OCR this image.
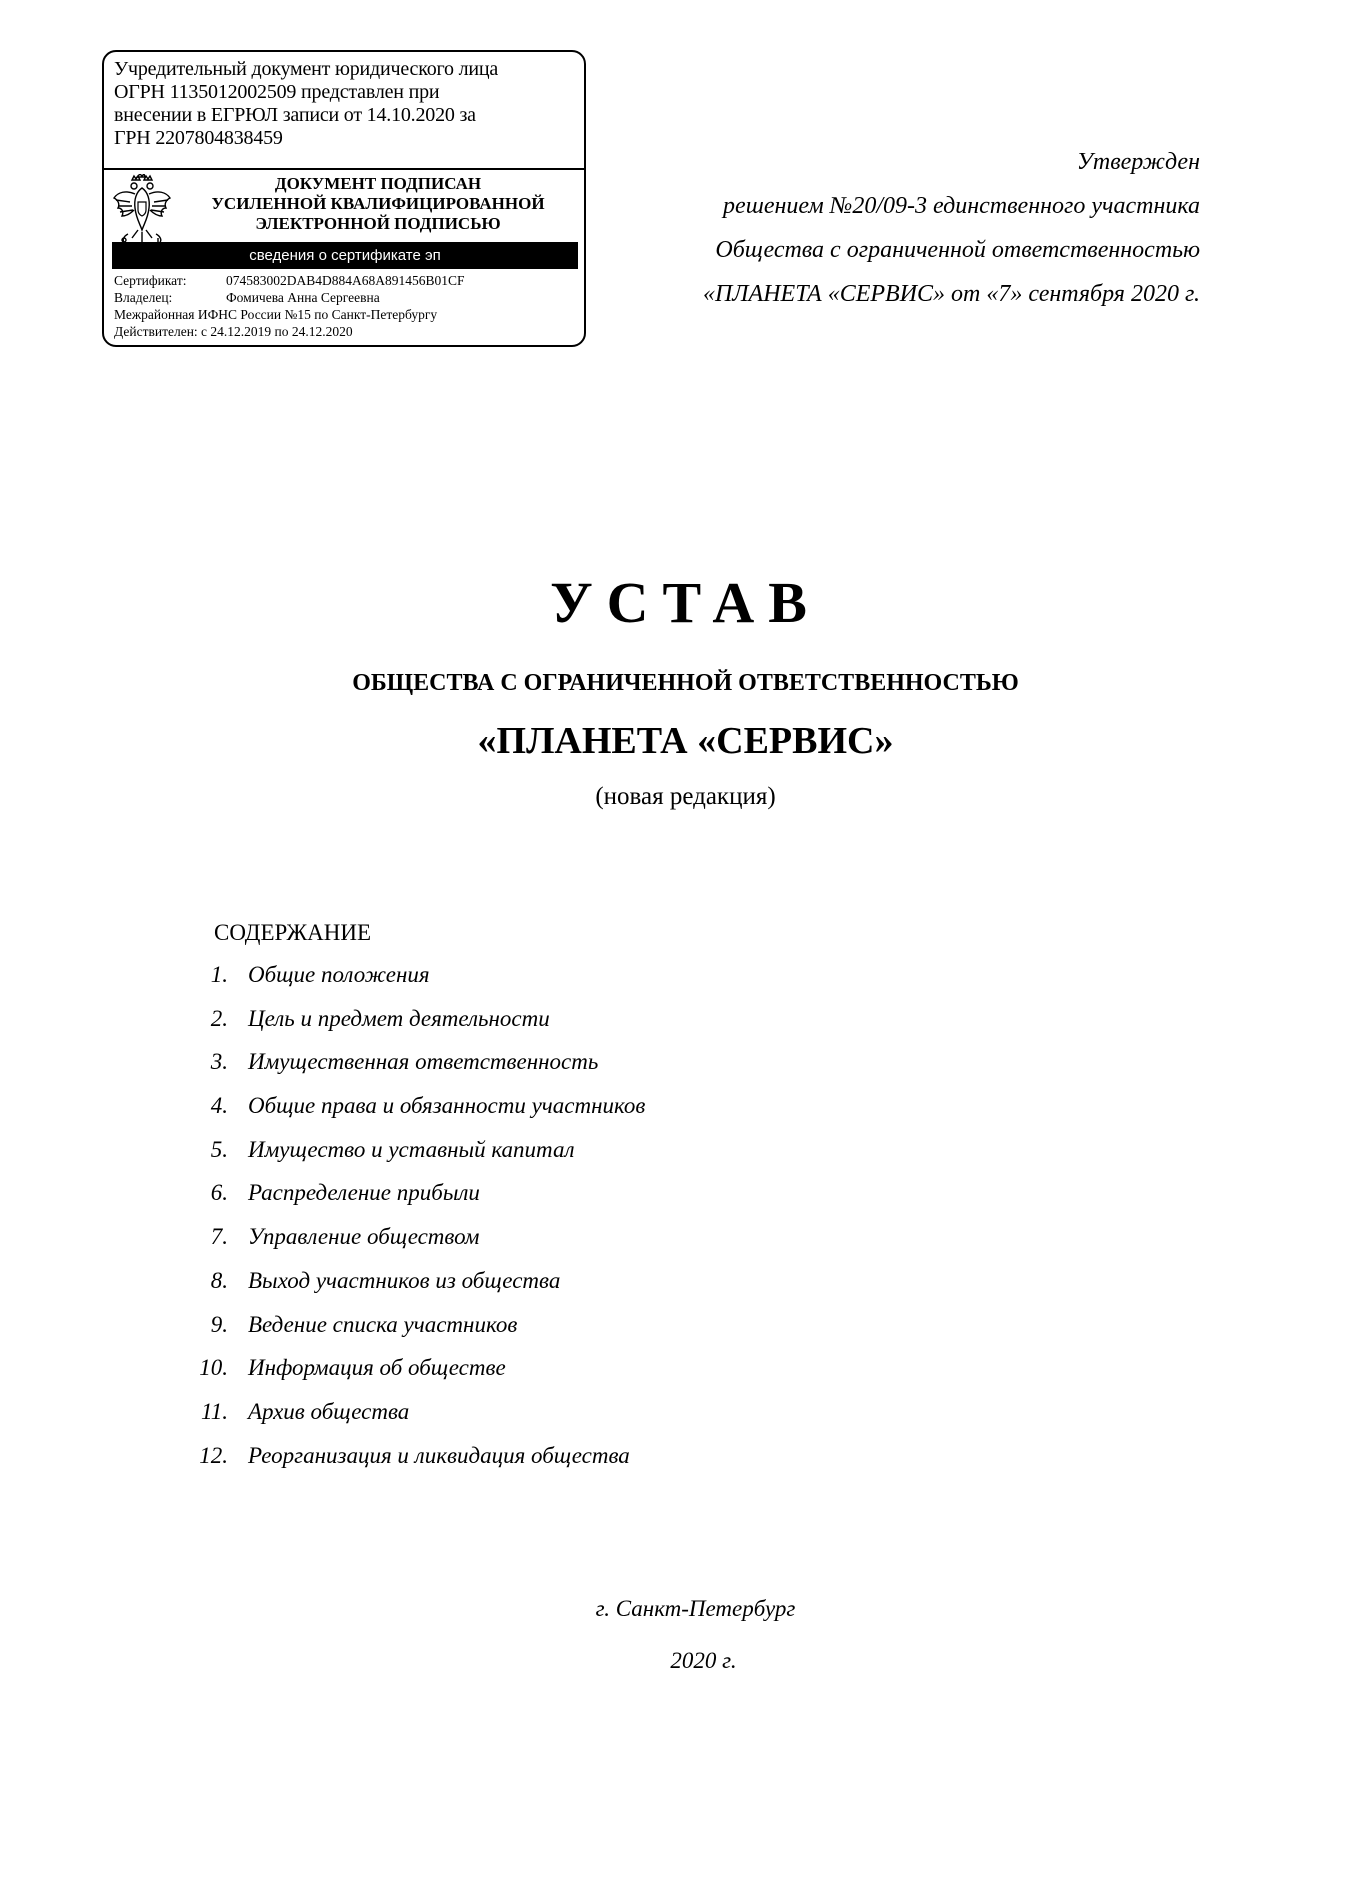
Учредительный документ юридического лица
ОГРН 1135012002509 представлен при
внесении в ЕГРЮЛ записи от 14.10.2020 за
ГРН 2207804838459
ДОКУМЕНТ ПОДПИСАН
УСИЛЕННОЙ КВАЛИФИЦИРОВАННОЙ
ЭЛЕКТРОННОЙ ПОДПИСЬЮ
сведения о сертификате эп
Сертификат:	074583002DAB4D884A68A891456B01CF
Владелец:	Фомичева Анна Сергеевна
Межрайонная ИФНС России №15 по Санкт-Петербургу
Действителен: с 24.12.2019 по 24.12.2020
Утвержден
решением №20/09-3 единственного участника
Общества с ограниченной ответственностью
«ПЛАНЕТА «СЕРВИС» от «7» сентября 2020 г.
УСТАВ
ОБЩЕСТВА С ОГРАНИЧЕННОЙ ОТВЕТСТВЕННОСТЬЮ
«ПЛАНЕТА «СЕРВИС»
(новая редакция)
СОДЕРЖАНИЕ
1. Общие положения
2. Цель и предмет деятельности
3. Имущественная ответственность
4. Общие права и обязанности участников
5. Имущество и уставный капитал
6. Распределение прибыли
7. Управление обществом
8. Выход участников из общества
9. Ведение списка участников
10. Информация об обществе
11. Архив общества
12. Реорганизация и ликвидация общества
г. Санкт-Петербург
2020 г.
